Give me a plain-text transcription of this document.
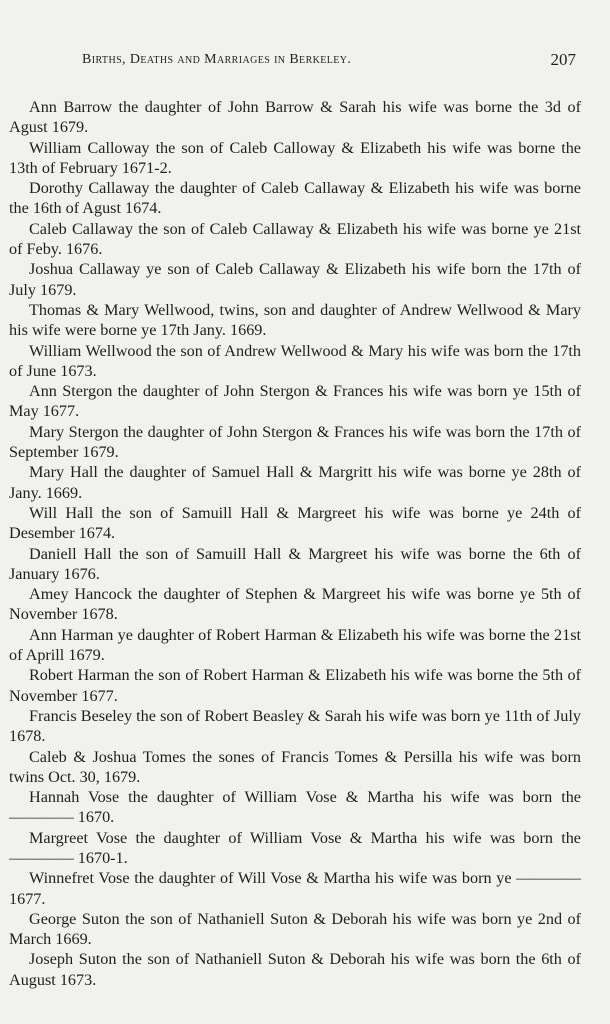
Births, Deaths and Marriages in Berkeley.	207

Ann Barrow the daughter of John Barrow & Sarah his wife was borne the 3d of Agust 1679.

William Calloway the son of Caleb Calloway & Elizabeth his wife was borne the 13th of February 1671-2.

Dorothy Callaway the daughter of Caleb Callaway & Elizabeth his wife was borne the 16th of Agust 1674.

Caleb Callaway the son of Caleb Callaway & Elizabeth his wife was borne ye 21st of Feby. 1676.

Joshua Callaway ye son of Caleb Callaway & Elizabeth his wife born the 17th of July 1679.

Thomas & Mary Wellwood, twins, son and daughter of Andrew Wellwood & Mary his wife were borne ye 17th Jany. 1669.

William Wellwood the son of Andrew Wellwood & Mary his wife was born the 17th of June 1673.

Ann Stergon the daughter of John Stergon & Frances his wife was born ye 15th of May 1677.

Mary Stergon the daughter of John Stergon & Frances his wife was born the 17th of September 1679.

Mary Hall the daughter of Samuel Hall & Margritt his wife was borne ye 28th of Jany. 1669.

Will Hall the son of Samuill Hall & Margreet his wife was borne ye 24th of Desember 1674.

Daniell Hall the son of Samuill Hall & Margreet his wife was borne the 6th of January 1676.

Amey Hancock the daughter of Stephen & Margreet his wife was borne ye 5th of November 1678.

Ann Harman ye daughter of Robert Harman & Elizabeth his wife was borne the 21st of Aprill 1679.

Robert Harman the son of Robert Harman & Elizabeth his wife was borne the 5th of November 1677.

Francis Beseley the son of Robert Beasley & Sarah his wife was born ye 11th of July 1678.

Caleb & Joshua Tomes the sones of Francis Tomes & Persilla his wife was born twins Oct. 30, 1679.

Hannah Vose the daughter of William Vose & Martha his wife was born the ———— 1670.

Margreet Vose the daughter of William Vose & Martha his wife was born the ———— 1670-1.

Winnefret Vose the daughter of Will Vose & Martha his wife was born ye ———— 1677.

George Suton the son of Nathaniell Suton & Deborah his wife was born ye 2nd of March 1669.

Joseph Suton the son of Nathaniell Suton & Deborah his wife was born the 6th of August 1673.
